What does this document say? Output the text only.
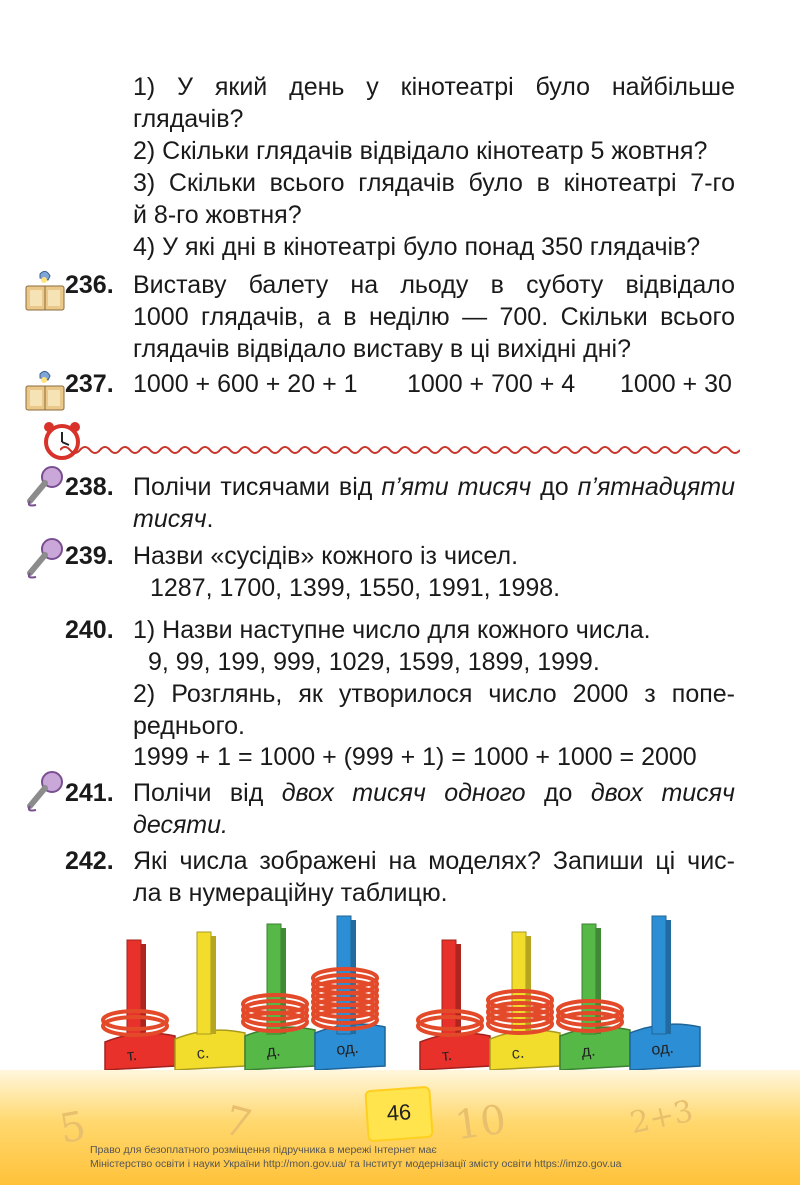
1) У який день у кінотеатрі було найбільше
глядачів?
2) Скільки глядачів відвідало кінотеатр 5 жовтня?
3) Скільки всього глядачів було в кінотеатрі 7-го
й 8-го жовтня?
4) У які дні в кінотеатрі було понад 350 глядачів?
236. Виставу балету на льоду в суботу відвідало
1000 глядачів, а в неділю — 700. Скільки всього
глядачів відвідало виставу в ці вихідні дні?
237. 1000 + 600 + 20 + 1 1000 + 700 + 4 1000 + 30
238. Полічи тисячами від п’яти тисяч до п’ятнадцяти
тисяч.
239. Назви «сусідів» кожного із чисел.
1287, 1700, 1399, 1550, 1991, 1998.
240. 1) Назви наступне число для кожного числа.
9, 99, 199, 999, 1029, 1599, 1899, 1999.
2) Розглянь, як утворилося число 2000 з попе-
реднього.
1999 + 1 = 1000 + (999 + 1) = 1000 + 1000 = 2000
241. Полічи від двох тисяч одного до двох тисяч
десяти.
242. Які числа зображені на моделях? Запиши ці чис-
ла в нумераційну таблицю.
т.	с.	д.	од.	т.	с.	д.	од.
5	7	10	2+3
46
Право для безоплатного розміщення підручника в мережі Інтернет має
Міністерство освіти і науки України http://mon.gov.ua/ та Інститут модернізації змісту освіти https://imzo.gov.ua
